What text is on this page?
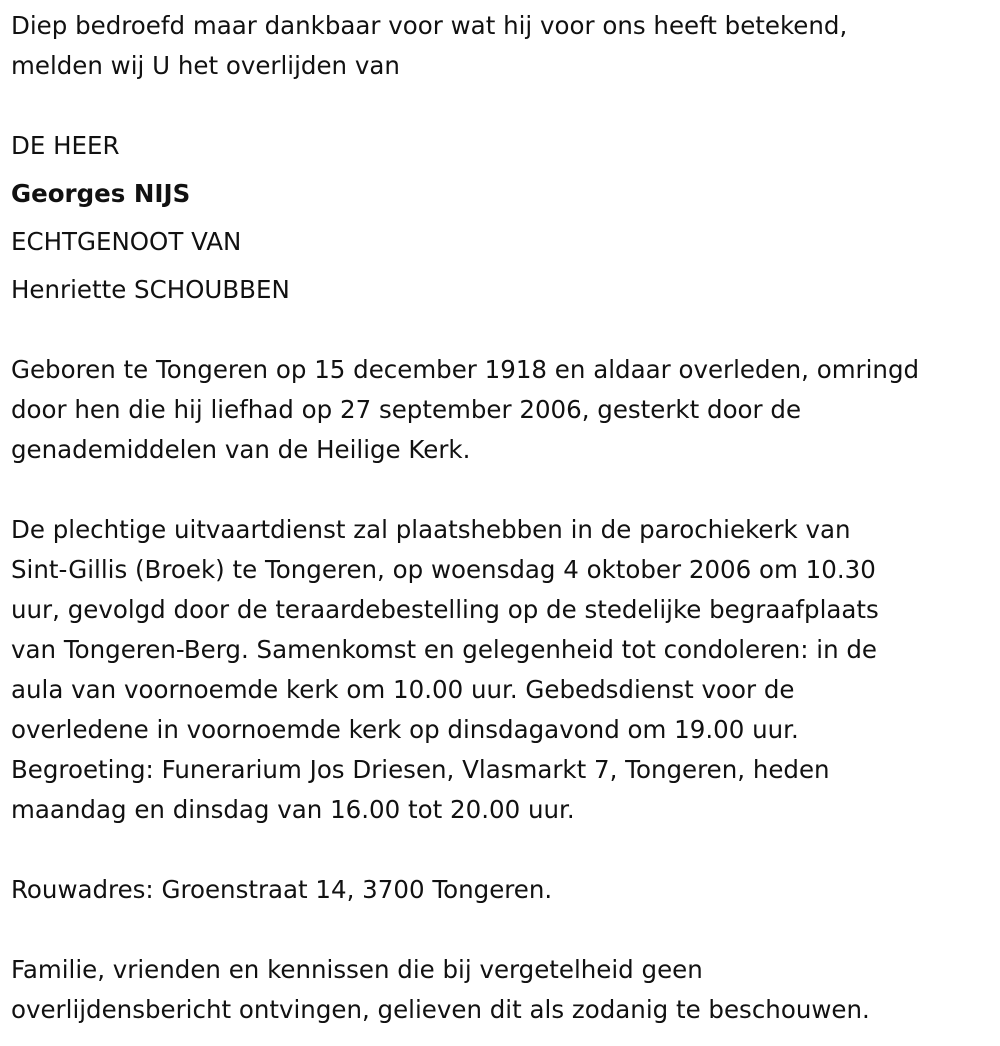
Diep bedroefd maar dankbaar voor wat hij voor ons heeft betekend,
melden wij U het overlijden van
DE HEER
Georges NIJS
ECHTGENOOT VAN
Henriette SCHOUBBEN
Geboren te Tongeren op 15 december 1918 en aldaar overleden, omringd
door hen die hij liefhad op 27 september 2006, gesterkt door de
genademiddelen van de Heilige Kerk.
De plechtige uitvaartdienst zal plaatshebben in de parochiekerk van
Sint-Gillis (Broek) te Tongeren, op woensdag 4 oktober 2006 om 10.30
uur, gevolgd door de teraardebestelling op de stedelijke begraafplaats
van Tongeren-Berg. Samenkomst en gelegenheid tot condoleren: in de
aula van voornoemde kerk om 10.00 uur. Gebedsdienst voor de
overledene in voornoemde kerk op dinsdagavond om 19.00 uur.
Begroeting: Funerarium Jos Driesen, Vlasmarkt 7, Tongeren, heden
maandag en dinsdag van 16.00 tot 20.00 uur.
Rouwadres: Groenstraat 14, 3700 Tongeren.
Familie, vrienden en kennissen die bij vergetelheid geen
overlijdensbericht ontvingen, gelieven dit als zodanig te beschouwen.
